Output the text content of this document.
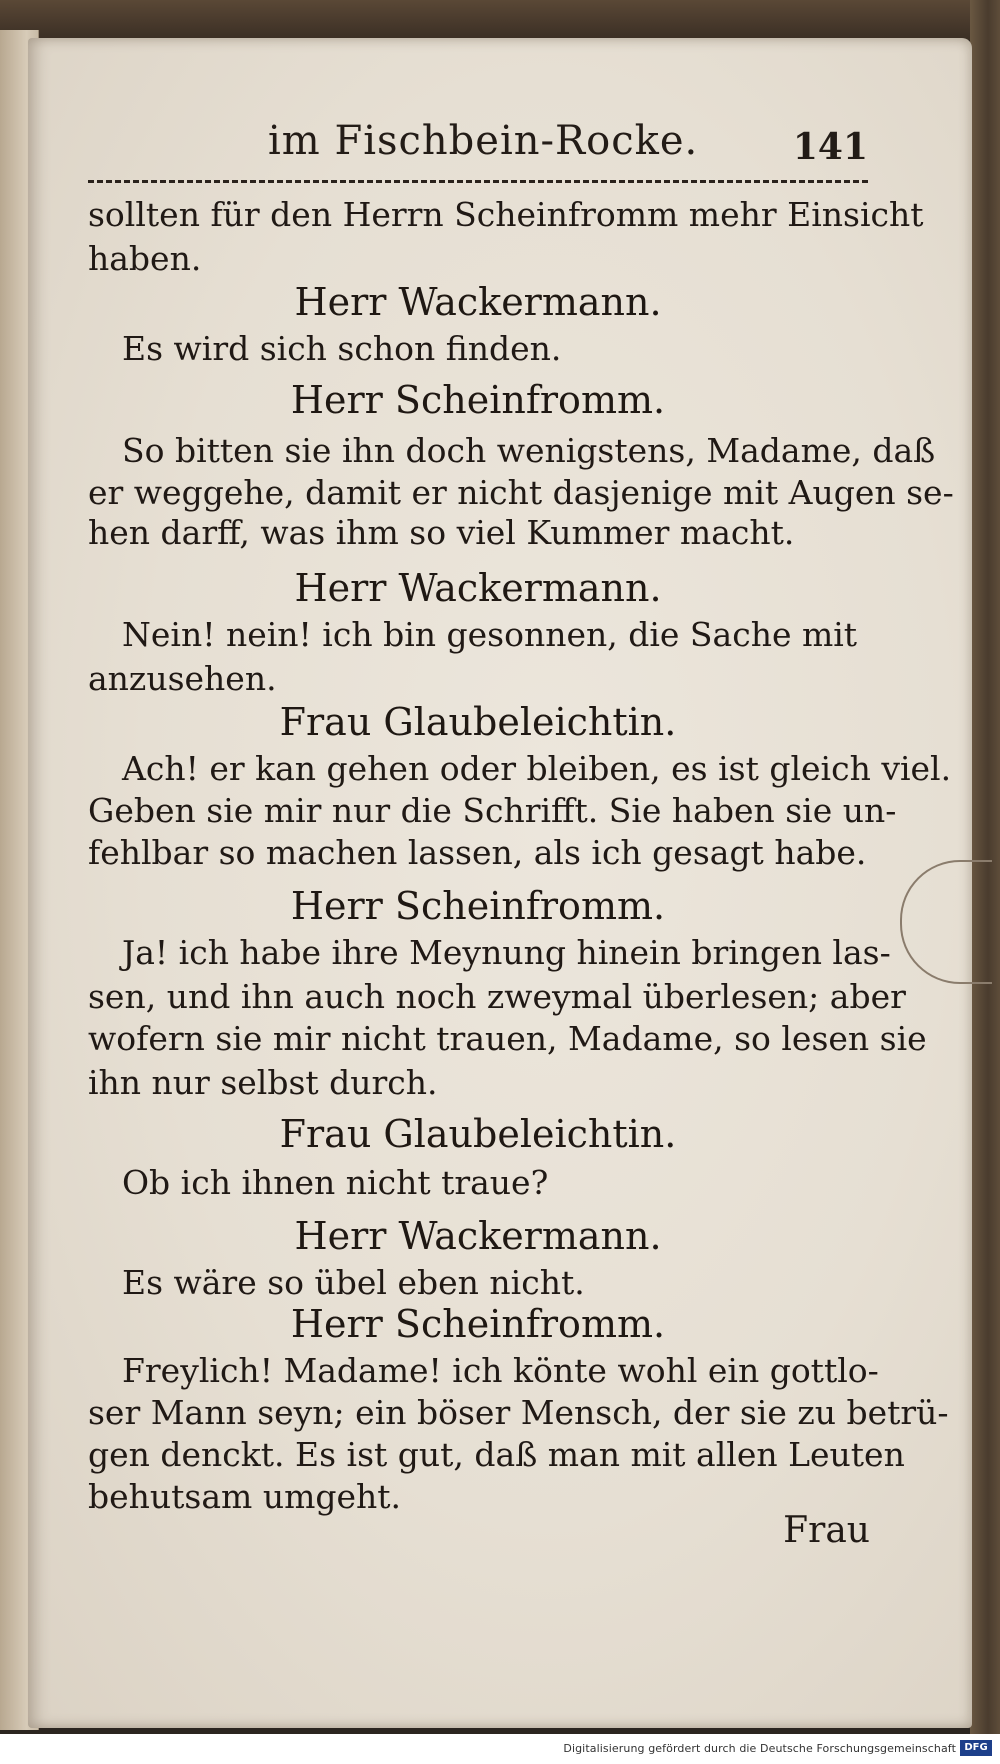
im Fischbein-Rocke.	141
sollten für den Herrn Scheinfromm mehr Einsicht
haben.
Herr Wackermann.
Es wird sich schon finden.
Herr Scheinfromm.
So bitten sie ihn doch wenigstens, Madame, daß
er weggehe, damit er nicht dasjenige mit Augen se-
hen darff, was ihm so viel Kummer macht.
Herr Wackermann.
Nein! nein! ich bin gesonnen, die Sache mit
anzusehen.
Frau Glaubeleichtin.
Ach! er kan gehen oder bleiben, es ist gleich viel.
Geben sie mir nur die Schrifft. Sie haben sie un-
fehlbar so machen lassen, als ich gesagt habe.
Herr Scheinfromm.
Ja! ich habe ihre Meynung hinein bringen las-
sen, und ihn auch noch zweymal überlesen; aber
wofern sie mir nicht trauen, Madame, so lesen sie
ihn nur selbst durch.
Frau Glaubeleichtin.
Ob ich ihnen nicht traue?
Herr Wackermann.
Es wäre so übel eben nicht.
Herr Scheinfromm.
Freylich! Madame! ich könte wohl ein gottlo-
ser Mann seyn; ein böser Mensch, der sie zu betrü-
gen denckt. Es ist gut, daß man mit allen Leuten
behutsam umgeht.
Frau
Digitalisierung gefördert durch die Deutsche Forschungsgemeinschaft DFG
